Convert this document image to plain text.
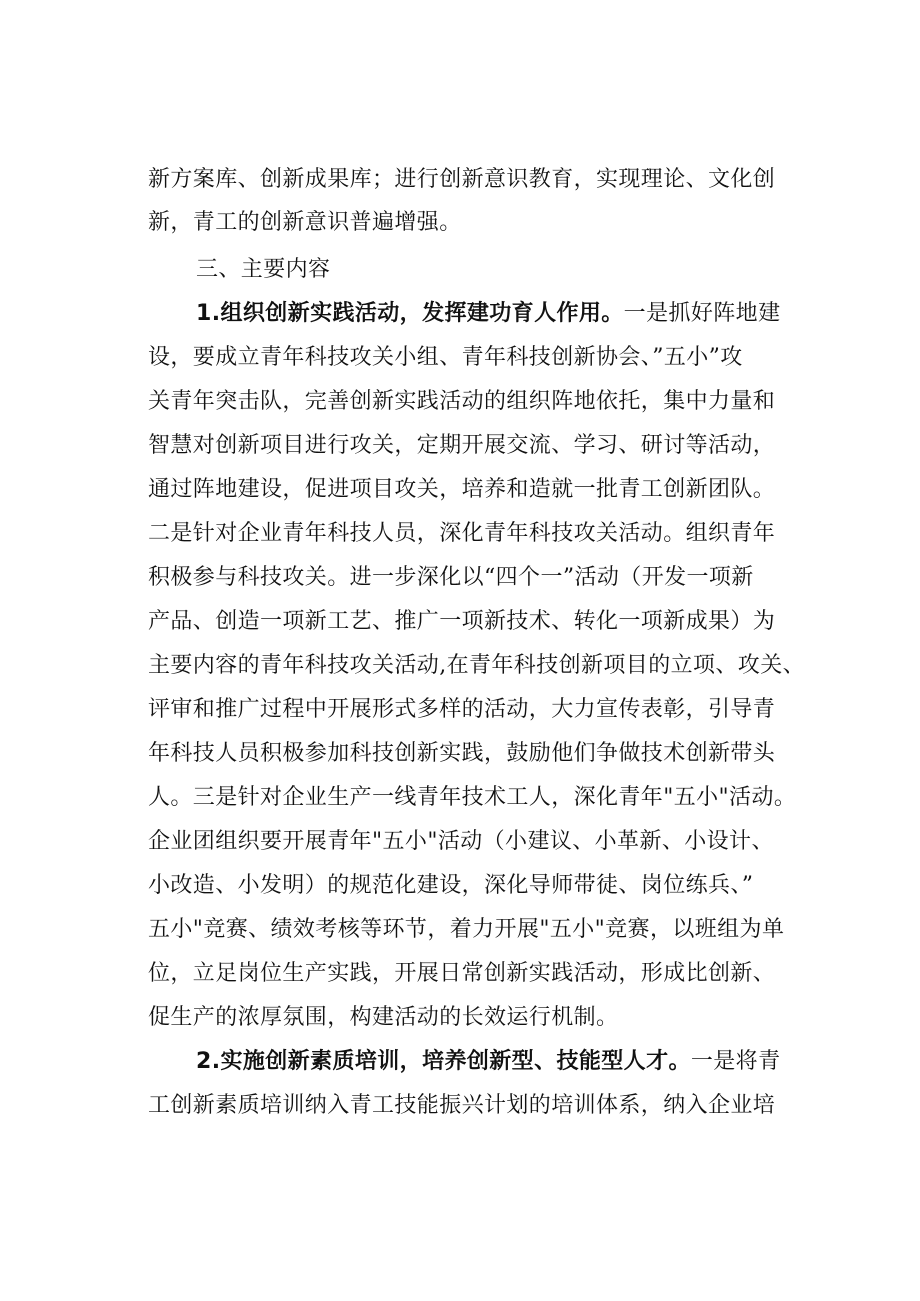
新方案库、创新成果库；进行创新意识教育，实现理论、文化创
新，青工的创新意识普遍增强。
三、主要内容
1.组织创新实践活动，发挥建功育人作用。一是抓好阵地建
设，要成立青年科技攻关小组、青年科技创新协会、”五小”攻
关青年突击队，完善创新实践活动的组织阵地依托，集中力量和
智慧对创新项目进行攻关，定期开展交流、学习、研讨等活动，
通过阵地建设，促进项目攻关，培养和造就一批青工创新团队。
二是针对企业青年科技人员，深化青年科技攻关活动。组织青年
积极参与科技攻关。进一步深化以“四个一”活动（开发一项新
产品、创造一项新工艺、推广一项新技术、转化一项新成果）为
主要内容的青年科技攻关活动,在青年科技创新项目的立项、攻关、
评审和推广过程中开展形式多样的活动，大力宣传表彰，引导青
年科技人员积极参加科技创新实践，鼓励他们争做技术创新带头
人。三是针对企业生产一线青年技术工人，深化青年"五小"活动。
企业团组织要开展青年"五小"活动（小建议、小革新、小设计、
小改造、小发明）的规范化建设，深化导师带徒、岗位练兵、”
五小"竞赛、绩效考核等环节，着力开展"五小"竞赛，以班组为单
位，立足岗位生产实践，开展日常创新实践活动，形成比创新、
促生产的浓厚氛围，构建活动的长效运行机制。
2.实施创新素质培训，培养创新型、技能型人才。一是将青
工创新素质培训纳入青工技能振兴计划的培训体系，纳入企业培
